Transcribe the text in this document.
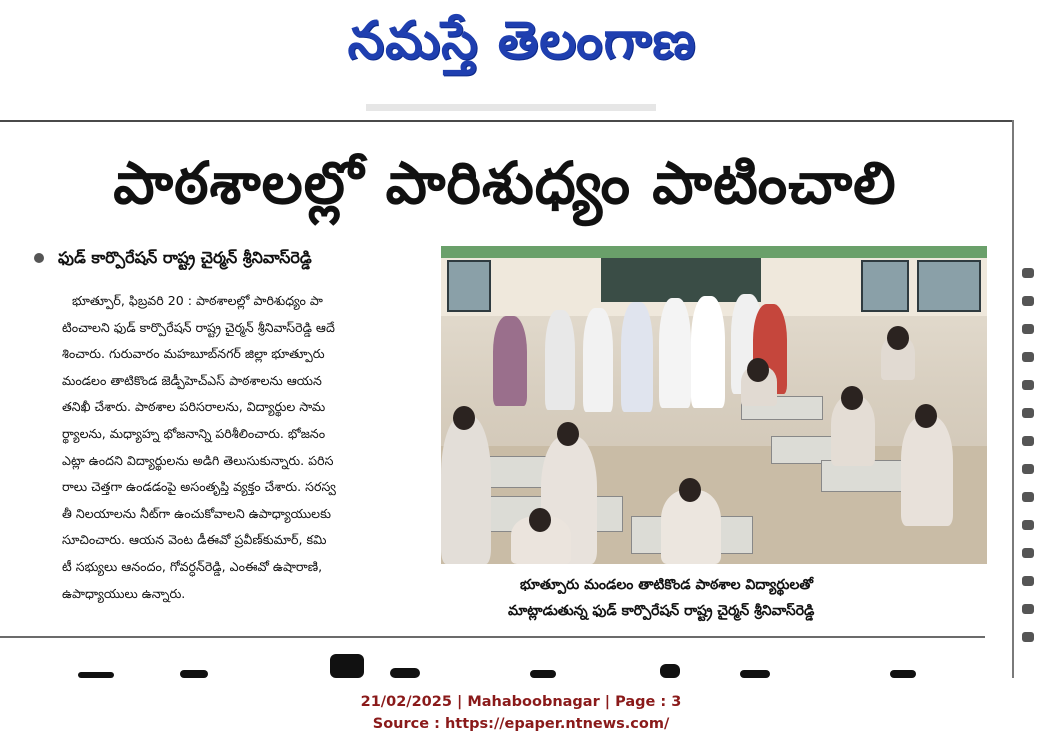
నమస్తే తెలంగాణ
పాఠశాలల్లో పారిశుధ్యం పాటించాలి
ఫుడ్ కార్పొరేషన్ రాష్ట్ర చైర్మన్ శ్రీనివాస్‌రెడ్డి
భూత్పూర్, ఫిబ్రవరి 20 : పాఠశాలల్లో పారిశుధ్యం పా
టించాలని ఫుడ్ కార్పొరేషన్ రాష్ట్ర చైర్మన్ శ్రీనివాస్‌రెడ్డి ఆదే
శించారు. గురువారం మహబూబ్‌నగర్ జిల్లా భూత్పూరు
మండలం తాటికొండ జెడ్పీహెచ్‌ఎస్ పాఠశాలను ఆయన
తనిఖీ చేశారు. పాఠశాల పరిసరాలను, విద్యార్థుల సామ
ర్థ్యాలను, మధ్యాహ్న భోజనాన్ని పరిశీలించారు. భోజనం
ఎట్లా ఉందని విద్యార్థులను అడిగి తెలుసుకున్నారు. పరిస
రాలు చెత్తగా ఉండడంపై అసంతృప్తి వ్యక్తం చేశారు. సరస్వ
తీ నిలయాలను నీట్‌గా ఉంచుకోవాలని ఉపాధ్యాయులకు
సూచించారు. ఆయన వెంట డీఈవో ప్రవీణ్‌కుమార్, కమి
టీ సభ్యులు ఆనందం, గోవర్ధన్‌రెడ్డి, ఎంఈవో ఉషారాణి,
ఉపాధ్యాయులు ఉన్నారు.
భూత్పూరు మండలం తాటికొండ పాఠశాల విద్యార్థులతో
మాట్లాడుతున్న ఫుడ్ కార్పొరేషన్ రాష్ట్ర చైర్మన్ శ్రీనివాస్‌రెడ్డి
21/02/2025 | Mahaboobnagar | Page : 3
Source : https://epaper.ntnews.com/
